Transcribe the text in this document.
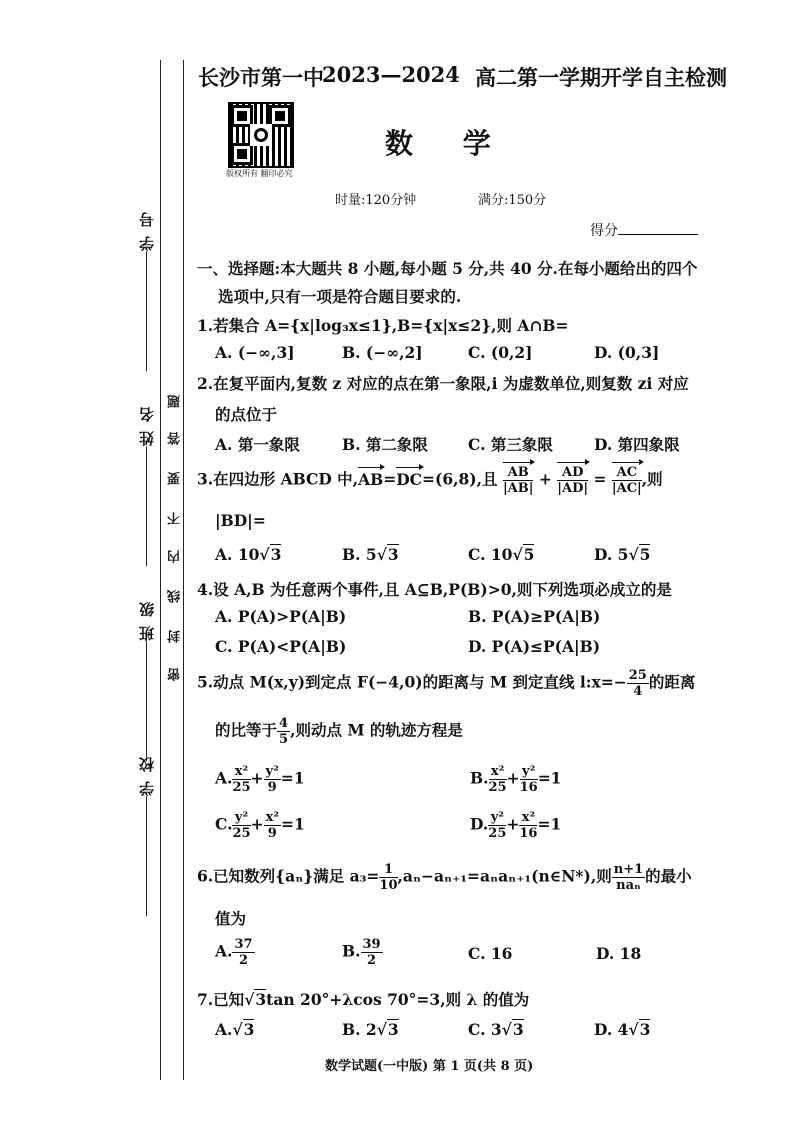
学 号
姓 名
班 级
学 校
题
答
要
不
内
线
封
密
长沙市第一中
2023—2024 高二第一学期开学自主检测
版权所有 翻印必究
数 学
时量:120分钟	满分:150分
得分
一、选择题:本大题共 8 小题,每小题 5 分,共 40 分.在每小题给出的四个
选项中,只有一项是符合题目要求的.
1.若集合 A={x|log₃x≤1},B={x|x≤2},则 A∩B=
A. (−∞,3]	B. (−∞,2]	C. (0,2]	D. (0,3]
2.在复平面内,复数 z 对应的点在第一象限,i 为虚数单位,则复数 zi 对应
的点位于
A. 第一象限	B. 第二象限	C. 第三象限	D. 第四象限
3.在四边形 ABCD 中,AB=DC=(6,8),且 $\frac{AB}{|AB|} + \frac{AD}{|AD|} = \frac{AC}{|AC|}$ ,则
|BD|=
A. 10√3	B. 5√3	C. 10√5	D. 5√5
4.设 A,B 为任意两个事件,且 A⊆B,P(B)>0,则下列选项必成立的是
A. P(A)>P(A|B)	B. P(A)≥P(A|B)
C. P(A)<P(A|B)	D. P(A)≤P(A|B)
5.动点 M(x,y)到定点 F(−4,0)的距离与 M 到定直线 l:x=− $\frac{25}{4}$ 的距离
的比等于 $\frac{4}{5}$ ,则动点 M 的轨迹方程是
A. $\frac{\text{x²}}{25} + \frac{\text{y²}}{9} =1$	B. $\frac{\text{x²}}{25} + \frac{\text{y²}}{16} =1$
C. $\frac{\text{y²}}{25} + \frac{\text{x²}}{9} =1$	D. $\frac{\text{y²}}{25} + \frac{\text{x²}}{16} =1$
6.已知数列{aₙ}满足 $a_3= \frac{1}{10}$ ,aₙ−aₙ₊₁=aₙaₙ₊₁(n∈N*),则 $\frac{n+1}{\text{naₙ}}$ 的最小
值为
A. $\frac{37}{2}$	B. $\frac{39}{2}$	C. 16	D. 18
7.已知√3tan 20°+λcos 70°=3,则 λ 的值为
A.√3	B. 2√3	C. 3√3	D. 4√3
数学试题(一中版) 第 1 页(共 8 页)
